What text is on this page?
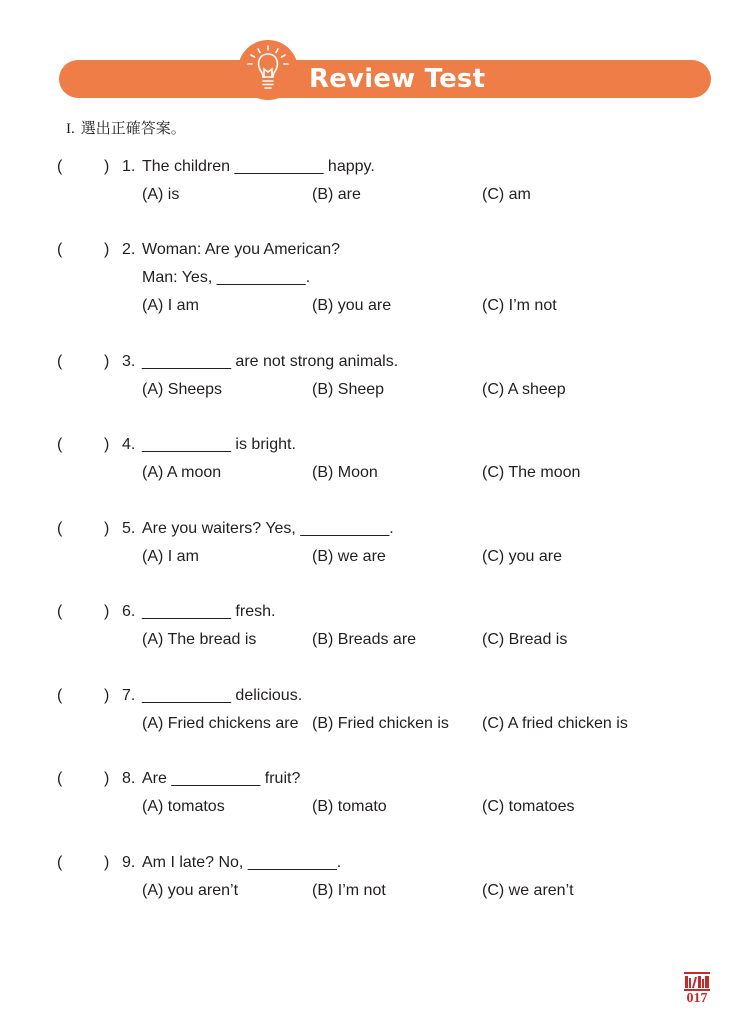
Review Test
I. 選出正確答案。
(	) 1. The children __________ happy.
(A) is	(B) are	(C) am
(	) 2. Woman: Are you American?
Man: Yes, __________.
(A) I am	(B) you are	(C) I’m not
(	) 3. __________ are not strong animals.
(A) Sheeps	(B) Sheep	(C) A sheep
(	) 4. __________ is bright.
(A) A moon	(B) Moon	(C) The moon
(	) 5. Are you waiters? Yes, __________.
(A) I am	(B) we are	(C) you are
(	) 6. __________ fresh.
(A) The bread is	(B) Breads are	(C) Bread is
(	) 7. __________ delicious.
(A) Fried chickens are (B) Fried chicken is (C) A fried chicken is
(	) 8. Are __________ fruit?
(A) tomatos	(B) tomato	(C) tomatoes
(	) 9. Am I late? No, __________.
(A) you aren’t	(B) I’m not	(C) we aren’t
017
